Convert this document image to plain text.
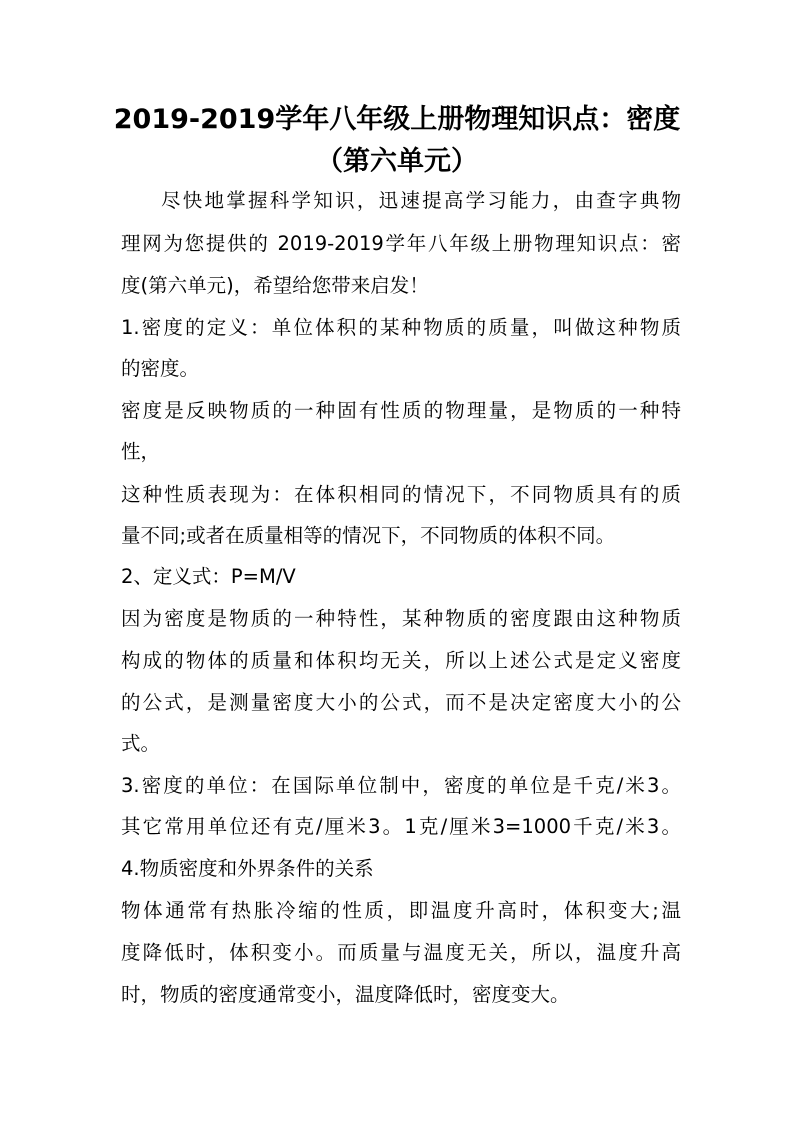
2019-2019学年八年级上册物理知识点：密度
（第六单元）
尽快地掌握科学知识，迅速提高学习能力，由查字典物
理网为您提供的 2019-2019学年八年级上册物理知识点：密
度(第六单元)，希望给您带来启发！
1.密度的定义：单位体积的某种物质的质量，叫做这种物质
的密度。
密度是反映物质的一种固有性质的物理量，是物质的一种特
性，
这种性质表现为：在体积相同的情况下，不同物质具有的质
量不同;或者在质量相等的情况下，不同物质的体积不同。
2、定义式：P=M/V
因为密度是物质的一种特性，某种物质的密度跟由这种物质
构成的物体的质量和体积均无关，所以上述公式是定义密度
的公式，是测量密度大小的公式，而不是决定密度大小的公
式。
3.密度的单位：在国际单位制中，密度的单位是千克/米3。
其它常用单位还有克/厘米3。1克/厘米3=1000千克/米3。
4.物质密度和外界条件的关系
物体通常有热胀冷缩的性质，即温度升高时，体积变大;温
度降低时，体积变小。而质量与温度无关，所以，温度升高
时，物质的密度通常变小，温度降低时，密度变大。
